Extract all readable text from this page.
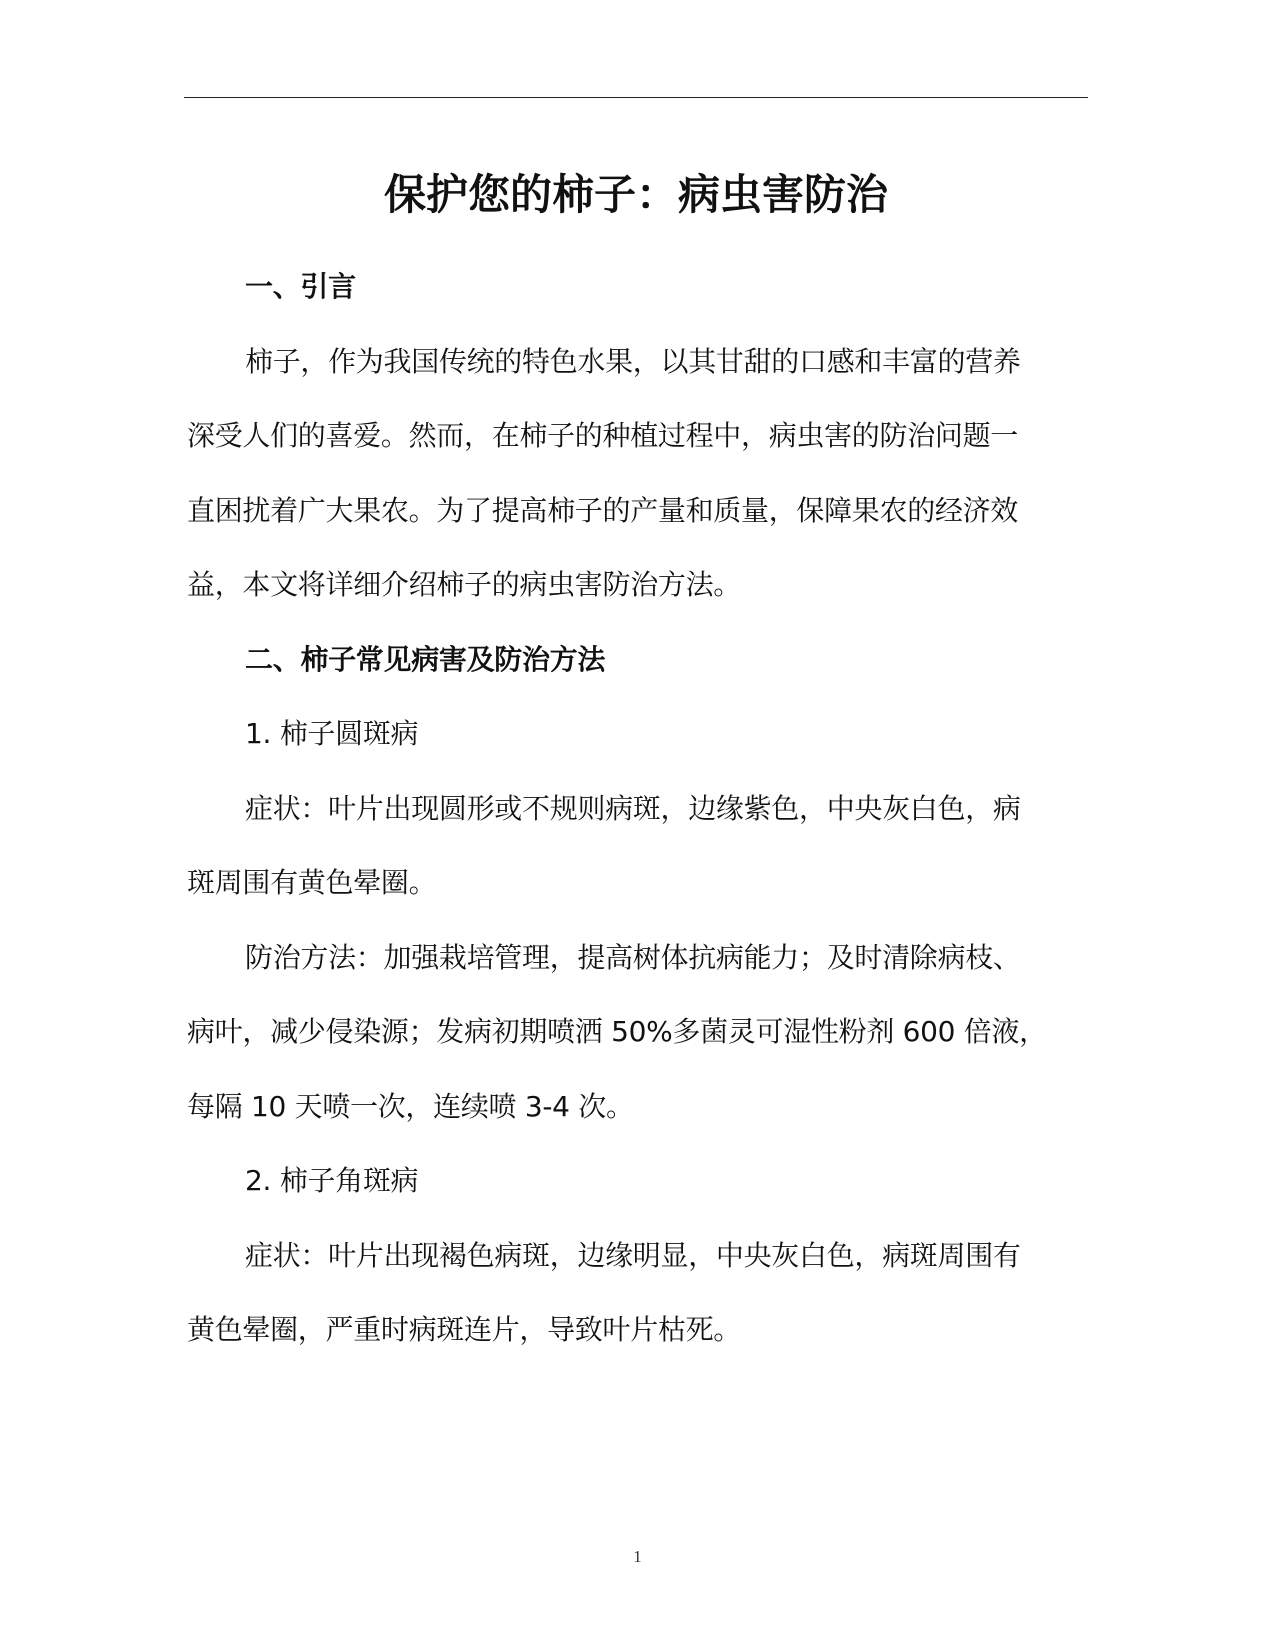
保护您的柿子：病虫害防治
一、引言
柿子，作为我国传统的特色水果，以其甘甜的口感和丰富的营养
深受人们的喜爱。然而，在柿子的种植过程中，病虫害的防治问题一
直困扰着广大果农。为了提高柿子的产量和质量，保障果农的经济效
益，本文将详细介绍柿子的病虫害防治方法。
二、柿子常见病害及防治方法
1. 柿子圆斑病
症状：叶片出现圆形或不规则病斑，边缘紫色，中央灰白色，病
斑周围有黄色晕圈。
防治方法：加强栽培管理，提高树体抗病能力；及时清除病枝、
病叶，减少侵染源；发病初期喷洒 50%多菌灵可湿性粉剂 600 倍液，
每隔 10 天喷一次，连续喷 3-4 次。
2. 柿子角斑病
症状：叶片出现褐色病斑，边缘明显，中央灰白色，病斑周围有
黄色晕圈，严重时病斑连片，导致叶片枯死。
1
